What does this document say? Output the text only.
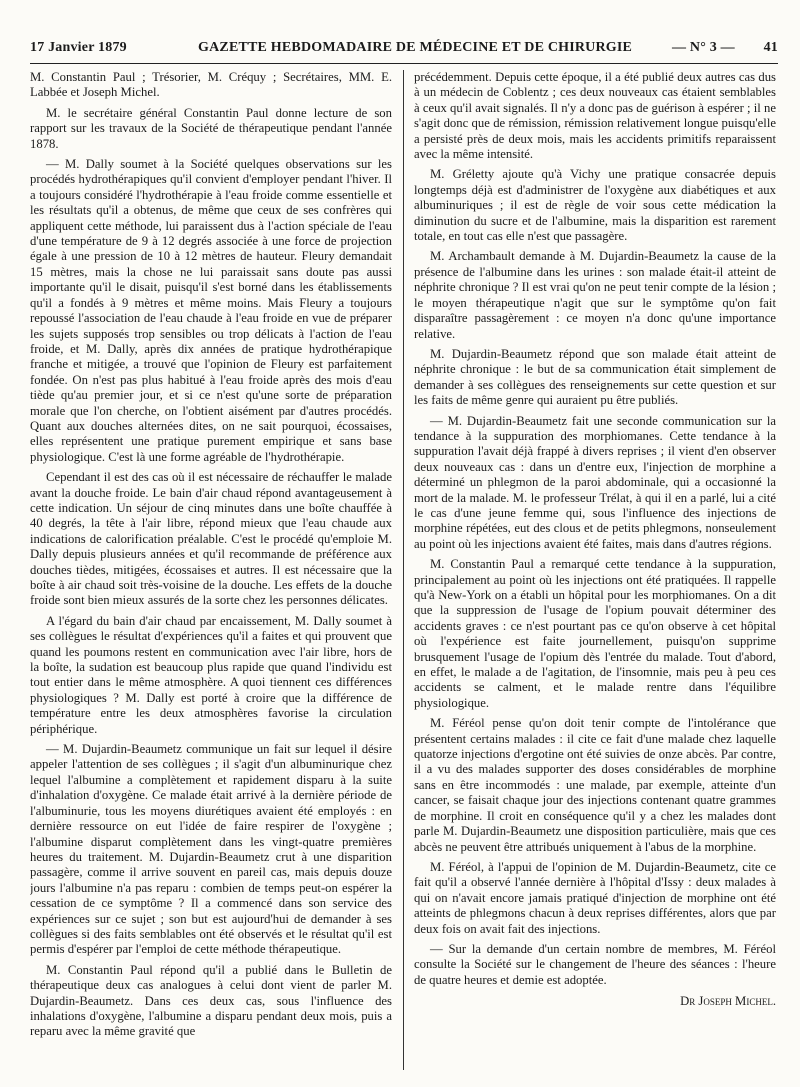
17 Janvier 1879	GAZETTE HEBDOMADAIRE DE MÉDECINE ET DE CHIRURGIE	— N° 3 — 41

M. Constantin Paul ; Trésorier, M. Créquy ; Secrétaires, MM. E. Labbée et Joseph Michel.

M. le secrétaire général Constantin Paul donne lecture de son rapport sur les travaux de la Société de thérapeutique pendant l'année 1878.

— M. Dally soumet à la Société quelques observations sur les procédés hydrothérapiques qu'il convient d'employer pendant l'hiver. Il a toujours considéré l'hydrothérapie à l'eau froide comme essentielle et les résultats qu'il a obtenus, de même que ceux de ses confrères qui appliquent cette méthode, lui paraissent dus à l'action spéciale de l'eau d'une température de 9 à 12 degrés associée à une force de projection égale à une pression de 10 à 12 mètres de hauteur. Fleury demandait 15 mètres, mais la chose ne lui paraissait sans doute pas aussi importante qu'il le disait, puisqu'il s'est borné dans les établissements qu'il a fondés à 9 mètres et même moins. Mais Fleury a toujours repoussé l'association de l'eau chaude à l'eau froide en vue de préparer les sujets supposés trop sensibles ou trop délicats à l'action de l'eau froide, et M. Dally, après dix années de pratique hydrothérapique franche et mitigée, a trouvé que l'opinion de Fleury est parfaitement fondée. On n'est pas plus habitué à l'eau froide après des mois d'eau tiède qu'au premier jour, et si ce n'est qu'une sorte de préparation morale que l'on cherche, on l'obtient aisément par d'autres procédés. Quant aux douches alternées dites, on ne sait pourquoi, écossaises, elles représentent une pratique purement empirique et sans base physiologique. C'est là une forme agréable de l'hydrothérapie.

Cependant il est des cas où il est nécessaire de réchauffer le malade avant la douche froide. Le bain d'air chaud répond avantageusement à cette indication. Un séjour de cinq minutes dans une boîte chauffée à 40 degrés, la tête à l'air libre, répond mieux que l'eau chaude aux indications de calorification préalable. C'est le procédé qu'emploie M. Dally depuis plusieurs années et qu'il recommande de préférence aux douches tièdes, mitigées, écossaises et autres. Il est nécessaire que la boîte à air chaud soit très-voisine de la douche. Les effets de la douche froide sont bien mieux assurés de la sorte chez les personnes délicates.

A l'égard du bain d'air chaud par encaissement, M. Dally soumet à ses collègues le résultat d'expériences qu'il a faites et qui prouvent que quand les poumons restent en communication avec l'air libre, hors de la boîte, la sudation est beaucoup plus rapide que quand l'individu est tout entier dans le même atmosphère. A quoi tiennent ces différences physiologiques ? M. Dally est porté à croire que la différence de température entre les deux atmosphères favorise la circulation périphérique.

— M. Dujardin-Beaumetz communique un fait sur lequel il désire appeler l'attention de ses collègues ; il s'agit d'un albuminurique chez lequel l'albumine a complètement et rapidement disparu à la suite d'inhalation d'oxygène. Ce malade était arrivé à la dernière période de l'albuminurie, tous les moyens diurétiques avaient été employés : en dernière ressource on eut l'idée de faire respirer de l'oxygène ; l'albumine disparut complètement dans les vingt-quatre premières heures du traitement. M. Dujardin-Beaumetz crut à une disparition passagère, comme il arrive souvent en pareil cas, mais depuis douze jours l'albumine n'a pas reparu : combien de temps peut-on espérer la cessation de ce symptôme ? Il a commencé dans son service des expériences sur ce sujet ; son but est aujourd'hui de demander à ses collègues si des faits semblables ont été observés et le résultat qu'il est permis d'espérer par l'emploi de cette méthode thérapeutique.

M. Constantin Paul répond qu'il a publié dans le Bulletin de thérapeutique deux cas analogues à celui dont vient de parler M. Dujardin-Beaumetz. Dans ces deux cas, sous l'influence des inhalations d'oxygène, l'albumine a disparu pendant deux mois, puis a reparu avec la même gravité que

précédemment. Depuis cette époque, il a été publié deux autres cas dus à un médecin de Coblentz ; ces deux nouveaux cas étaient semblables à ceux qu'il avait signalés. Il n'y a donc pas de guérison à espérer ; il ne s'agit donc que de rémission, rémission relativement longue puisqu'elle a persisté près de deux mois, mais les accidents primitifs reparaissent avec la même intensité.

M. Gréletty ajoute qu'à Vichy une pratique consacrée depuis longtemps déjà est d'administrer de l'oxygène aux diabétiques et aux albuminuriques ; il est de règle de voir sous cette médication la diminution du sucre et de l'albumine, mais la disparition est rarement totale, en tout cas elle n'est que passagère.

M. Archambault demande à M. Dujardin-Beaumetz la cause de la présence de l'albumine dans les urines : son malade était-il atteint de néphrite chronique ? Il est vrai qu'on ne peut tenir compte de la lésion ; le moyen thérapeutique n'agit que sur le symptôme qu'on fait disparaître passagèrement : ce moyen n'a donc qu'une importance relative.

M. Dujardin-Beaumetz répond que son malade était atteint de néphrite chronique : le but de sa communication était simplement de demander à ses collègues des renseignements sur cette question et sur les faits de même genre qui auraient pu être publiés.

— M. Dujardin-Beaumetz fait une seconde communication sur la tendance à la suppuration des morphiomanes. Cette tendance à la suppuration l'avait déjà frappé à divers reprises ; il vient d'en observer deux nouveaux cas : dans un d'entre eux, l'injection de morphine a déterminé un phlegmon de la paroi abdominale, qui a occasionné la mort de la malade. M. le professeur Trélat, à qui il en a parlé, lui a cité le cas d'une jeune femme qui, sous l'influence des injections de morphine répétées, eut des clous et de petits phlegmons, nonseulement au point où les injections avaient été faites, mais dans d'autres régions.

M. Constantin Paul a remarqué cette tendance à la suppuration, principalement au point où les injections ont été pratiquées. Il rappelle qu'à New-York on a établi un hôpital pour les morphiomanes. On a dit que la suppression de l'usage de l'opium pouvait déterminer des accidents graves : ce n'est pourtant pas ce qu'on observe à cet hôpital où l'expérience est faite journellement, puisqu'on supprime brusquement l'usage de l'opium dès l'entrée du malade. Tout d'abord, en effet, le malade a de l'agitation, de l'insomnie, mais peu à peu ces accidents se calment, et le malade rentre dans l'équilibre physiologique.

M. Féréol pense qu'on doit tenir compte de l'intolérance que présentent certains malades : il cite ce fait d'une malade chez laquelle quatorze injections d'ergotine ont été suivies de onze abcès. Par contre, il a vu des malades supporter des doses considérables de morphine sans en être incommodés : une malade, par exemple, atteinte d'un cancer, se faisait chaque jour des injections contenant quatre grammes de morphine. Il croit en conséquence qu'il y a chez les malades dont parle M. Dujardin-Beaumetz une disposition particulière, mais que ces abcès ne peuvent être attribués uniquement à l'abus de la morphine.

M. Féréol, à l'appui de l'opinion de M. Dujardin-Beaumetz, cite ce fait qu'il a observé l'année dernière à l'hôpital d'Issy : deux malades à qui on n'avait encore jamais pratiqué d'injection de morphine ont été atteints de phlegmons chacun à deux reprises différentes, alors que par deux fois on avait fait des injections.

— Sur la demande d'un certain nombre de membres, M. Féréol consulte la Société sur le changement de l'heure des séances : l'heure de quatre heures et demie est adoptée.

Dr Joseph Michel.
